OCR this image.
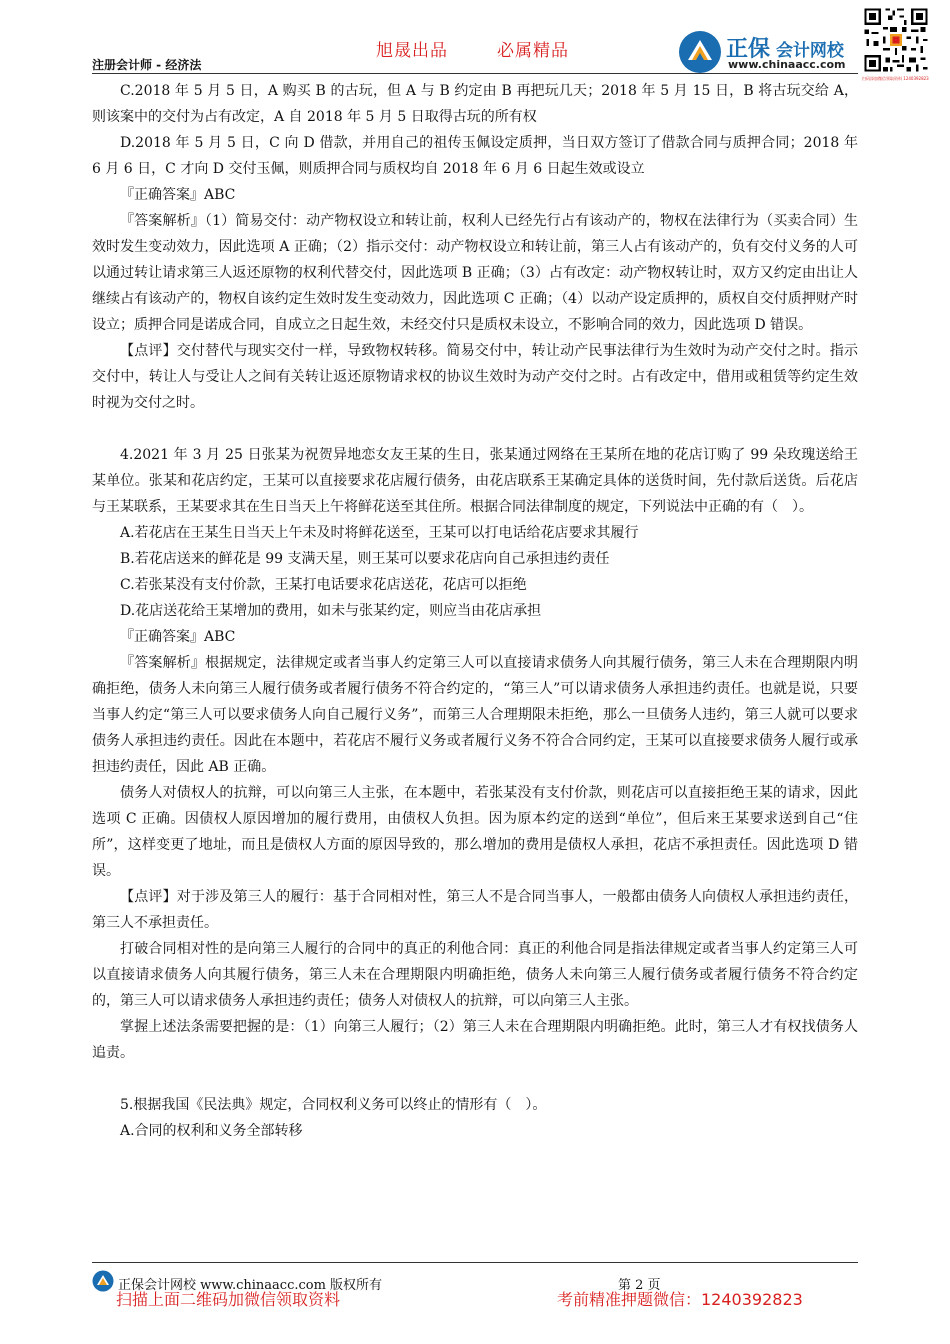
旭晟出品	必属精品
注册会计师 - 经济法
正保 会计网校
www.chinaacc.com
扫码添加微信领取资料 1240392823

C.2018 年 5 月 5 日，A 购买 B 的古玩，但 A 与 B 约定由 B 再把玩几天；2018 年 5 月 15 日，B 将古玩交给 A，则该案中的交付为占有改定，A 自 2018 年 5 月 5 日取得古玩的所有权

D.2018 年 5 月 5 日，C 向 D 借款，并用自己的祖传玉佩设定质押，当日双方签订了借款合同与质押合同；2018 年 6 月 6 日，C 才向 D 交付玉佩，则质押合同与质权均自 2018 年 6 月 6 日起生效或设立

『正确答案』ABC

『答案解析』（1）简易交付：动产物权设立和转让前，权利人已经先行占有该动产的，物权在法律行为（买卖合同）生效时发生变动效力，因此选项 A 正确；（2）指示交付：动产物权设立和转让前，第三人占有该动产的，负有交付义务的人可以通过转让请求第三人返还原物的权利代替交付，因此选项 B 正确；（3）占有改定：动产物权转让时，双方又约定由出让人继续占有该动产的，物权自该约定生效时发生变动效力，因此选项 C 正确；（4）以动产设定质押的，质权自交付质押财产时设立；质押合同是诺成合同，自成立之日起生效，未经交付只是质权未设立，不影响合同的效力，因此选项 D 错误。

【点评】交付替代与现实交付一样，导致物权转移。简易交付中，转让动产民事法律行为生效时为动产交付之时。指示交付中，转让人与受让人之间有关转让返还原物请求权的协议生效时为动产交付之时。占有改定中，借用或租赁等约定生效时视为交付之时。

4.2021 年 3 月 25 日张某为祝贺异地恋女友王某的生日，张某通过网络在王某所在地的花店订购了 99 朵玫瑰送给王某单位。张某和花店约定，王某可以直接要求花店履行债务，由花店联系王某确定具体的送货时间，先付款后送货。后花店与王某联系，王某要求其在生日当天上午将鲜花送至其住所。根据合同法律制度的规定，下列说法中正确的有（　）。

A.若花店在王某生日当天上午未及时将鲜花送至，王某可以打电话给花店要求其履行

B.若花店送来的鲜花是 99 支满天星，则王某可以要求花店向自己承担违约责任

C.若张某没有支付价款，王某打电话要求花店送花，花店可以拒绝

D.花店送花给王某增加的费用，如未与张某约定，则应当由花店承担

『正确答案』ABC

『答案解析』根据规定，法律规定或者当事人约定第三人可以直接请求债务人向其履行债务，第三人未在合理期限内明确拒绝，债务人未向第三人履行债务或者履行债务不符合约定的，“第三人”可以请求债务人承担违约责任。也就是说，只要当事人约定“第三人可以要求债务人向自己履行义务”，而第三人合理期限未拒绝，那么一旦债务人违约，第三人就可以要求债务人承担违约责任。因此在本题中，若花店不履行义务或者履行义务不符合合同约定，王某可以直接要求债务人履行或承担违约责任，因此 AB 正确。

债务人对债权人的抗辩，可以向第三人主张，在本题中，若张某没有支付价款，则花店可以直接拒绝王某的请求，因此选项 C 正确。因债权人原因增加的履行费用，由债权人负担。因为原本约定的送到“单位”，但后来王某要求送到自己“住所”，这样变更了地址，而且是债权人方面的原因导致的，那么增加的费用是债权人承担，花店不承担责任。因此选项 D 错误。

【点评】对于涉及第三人的履行：基于合同相对性，第三人不是合同当事人，一般都由债务人向债权人承担违约责任，第三人不承担责任。

打破合同相对性的是向第三人履行的合同中的真正的利他合同：真正的利他合同是指法律规定或者当事人约定第三人可以直接请求债务人向其履行债务，第三人未在合理期限内明确拒绝，债务人未向第三人履行债务或者履行债务不符合约定的，第三人可以请求债务人承担违约责任；债务人对债权人的抗辩，可以向第三人主张。

掌握上述法条需要把握的是：（1）向第三人履行；（2）第三人未在合理期限内明确拒绝。此时，第三人才有权找债务人追责。

5.根据我国《民法典》规定，合同权利义务可以终止的情形有（　）。

A.合同的权利和义务全部转移

正保会计网校 www.chinaacc.com 版权所有	第 2 页
扫描上面二维码加微信领取资料	考前精准押题微信：1240392823
